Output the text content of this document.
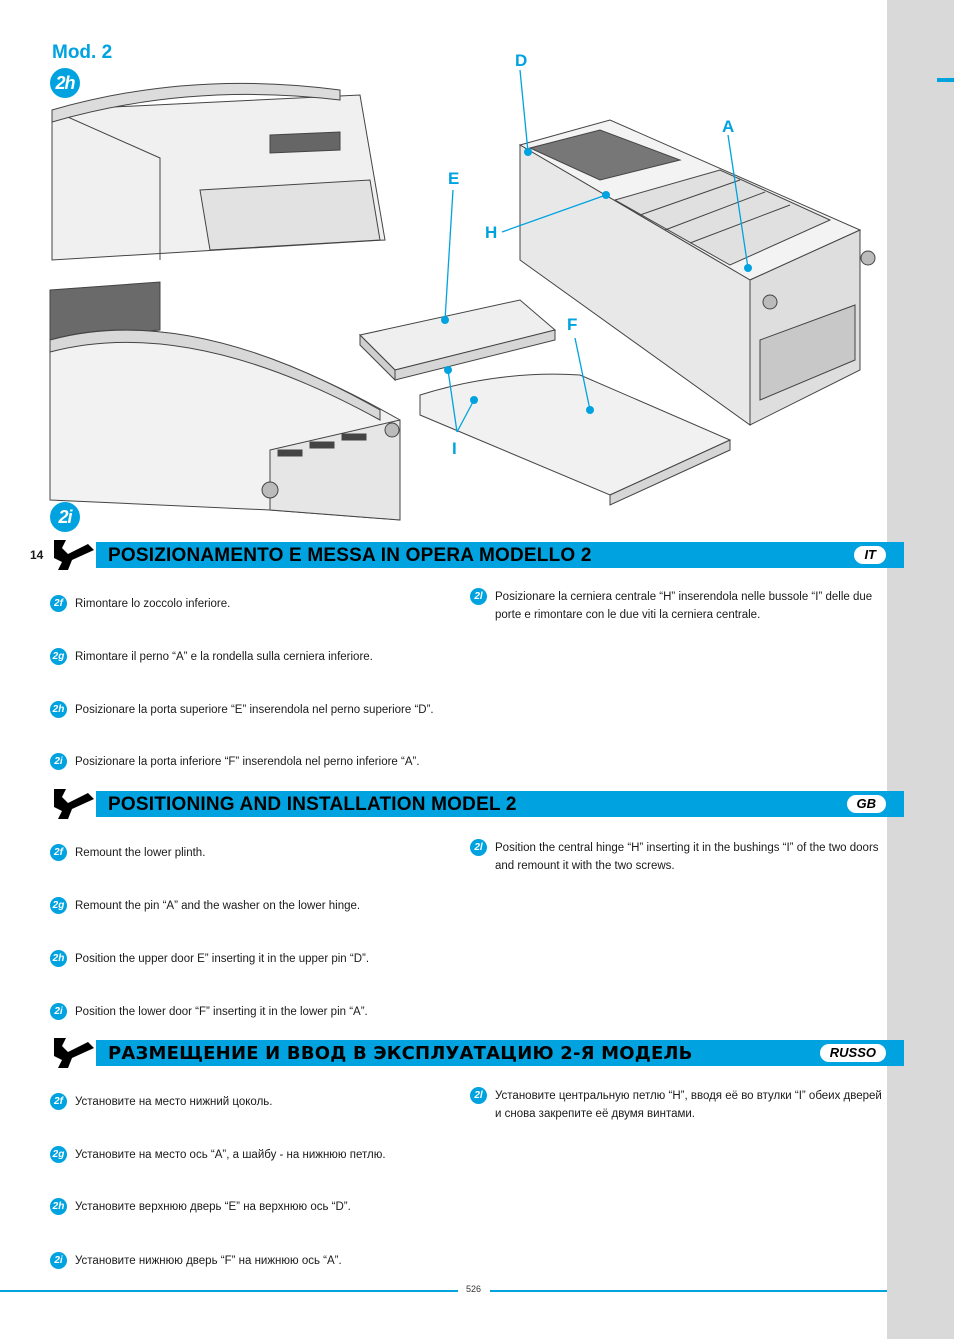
Mod. 2
2h
2i
D
A
E
H
F
I
14	POSIZIONAMENTO E MESSA IN OPERA MODELLO 2	IT
2f	Rimontare lo zoccolo inferiore.
2g Rimontare il perno “A” e la rondella sulla cerniera inferiore.
2h Posizionare la porta superiore “E” inserendola nel perno superiore “D”.
2i	Posizionare la porta inferiore “F” inserendola nel perno inferiore “A”.
2l	Posizionare la cerniera centrale “H” inserendola nelle bussole “I” delle due porte e rimontare con le due viti la cerniera centrale.
POSITIONING AND INSTALLATION MODEL 2	GB
2f	Remount the lower plinth.
2g Remount the pin “A” and the washer on the lower hinge.
2h Position the upper door E” inserting it in the upper pin “D”.
2i	Position the lower door “F” inserting it in the lower pin “A”.
2l	Position the central hinge “H” inserting it in the bushings “I” of the two doors and remount it with the two screws.
РАЗМЕЩЕНИЕ И ВВОД В ЭКСПЛУАТАЦИЮ 2-Я МОДЕЛЬ	RUSSO
2f	Установите на место нижний цоколь.
2g Установите на место ось “A”, а шайбу - на нижнюю петлю.
2h Установите верхнюю дверь “E” на верхнюю ось “D”.
2i	Установите нижнюю дверь “F” на нижнюю ось “A”.
2l	Установите центральную петлю “H”, вводя её во втулки “I” обеих дверей и снова закрепите её двумя винтами.
526
